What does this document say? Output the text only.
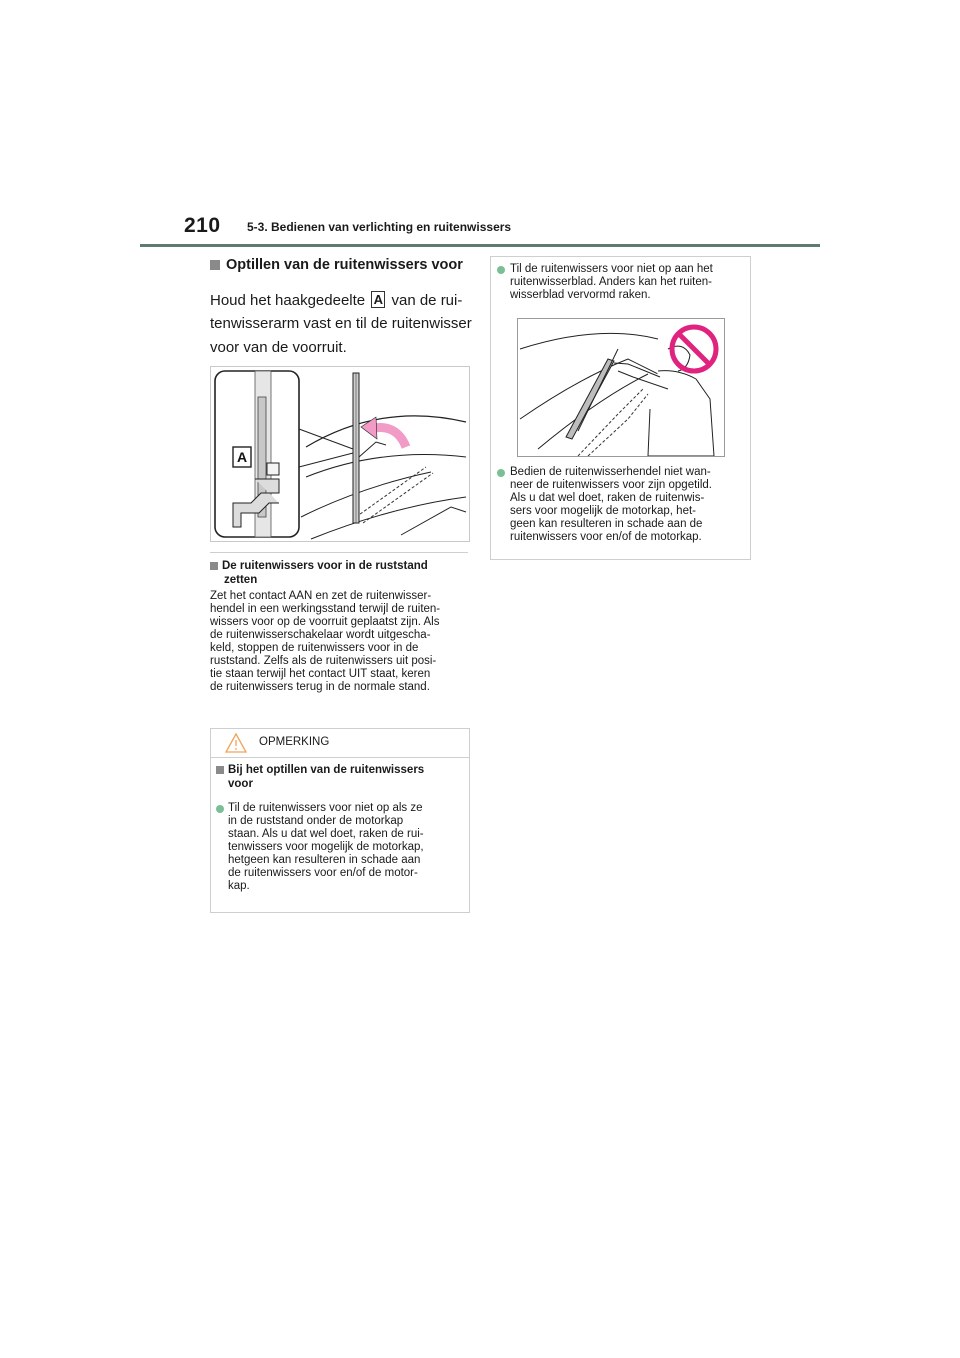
210 5-3. Bedienen van verlichting en ruitenwissers
Optillen van de ruitenwissers voor
Houd het haakgedeelte A van de rui-
tenwisserarm vast en til de ruitenwisser
voor van de voorruit.
A
De ruitenwissers voor in de ruststand
zetten
Zet het contact AAN en zet de ruitenwisser-
hendel in een werkingsstand terwijl de ruiten-
wissers voor op de voorruit geplaatst zijn. Als
de ruitenwisserschakelaar wordt uitgescha-
keld, stoppen de ruitenwissers voor in de
ruststand. Zelfs als de ruitenwissers uit posi-
tie staan terwijl het contact UIT staat, keren
de ruitenwissers terug in de normale stand.
OPMERKING
Bij het optillen van de ruitenwissers
voor
Til de ruitenwissers voor niet op als ze
in de ruststand onder de motorkap
staan. Als u dat wel doet, raken de rui-
tenwissers voor mogelijk de motorkap,
hetgeen kan resulteren in schade aan
de ruitenwissers voor en/of de motor-
kap.
Til de ruitenwissers voor niet op aan het
ruitenwisserblad. Anders kan het ruiten-
wisserblad vervormd raken.
Bedien de ruitenwisserhendel niet wan-
neer de ruitenwissers voor zijn opgetild.
Als u dat wel doet, raken de ruitenwis-
sers voor mogelijk de motorkap, het-
geen kan resulteren in schade aan de
ruitenwissers voor en/of de motorkap.
